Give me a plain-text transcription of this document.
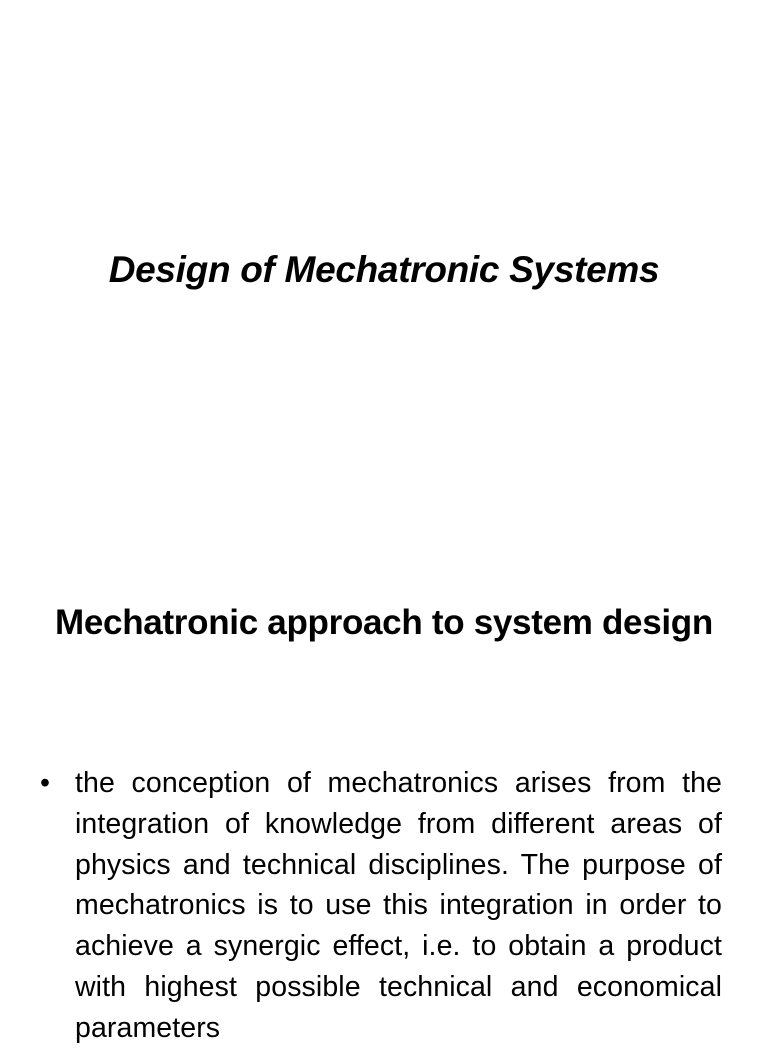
Design of Mechatronic Systems
Mechatronic approach to system design
• the conception of mechatronics arises from the integration of knowledge from different areas of physics and technical disciplines. The purpose of mechatronics is to use this integration in order to achieve a synergic effect, i.e. to obtain a product with highest possible technical and economical parameters
